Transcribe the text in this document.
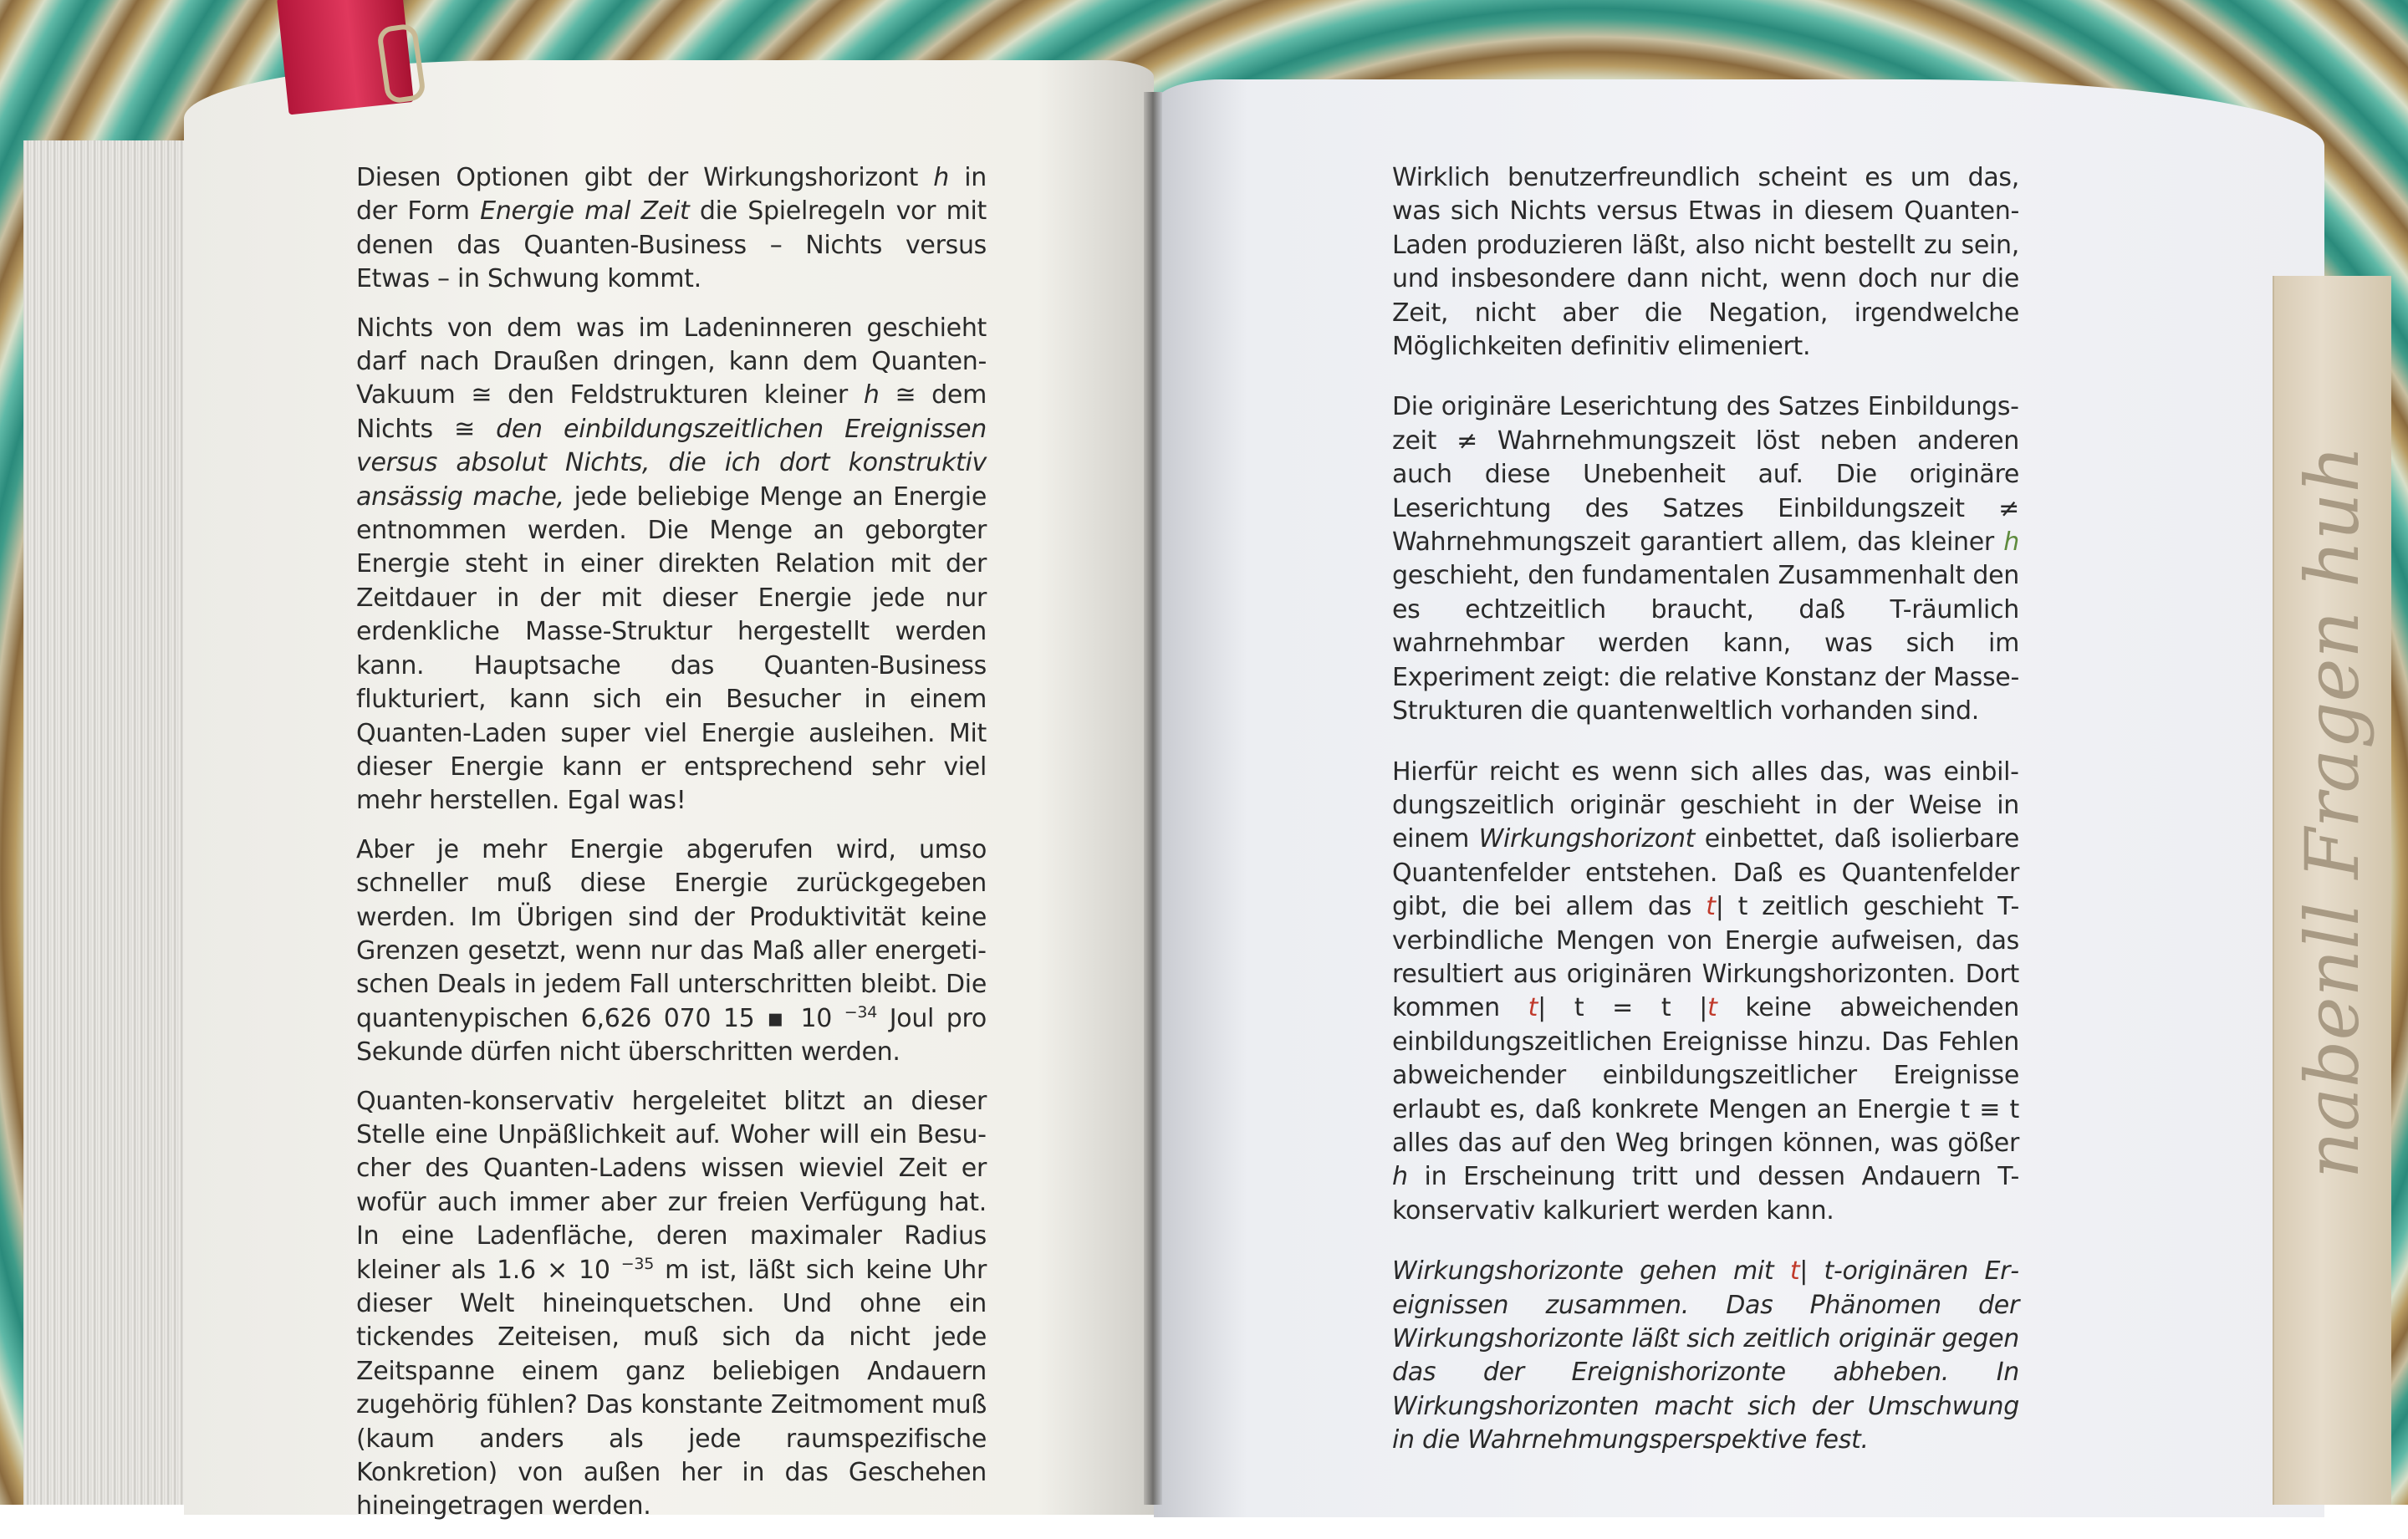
nabenll Fragen huh

Diesen Optionen gibt der Wirkungshorizont h in der Form Energie mal Zeit die Spielregeln vor mit denen das Quanten-Business – Nichts versus Etwas – in Schwung kommt.

Nichts von dem was im Ladeninneren geschieht darf nach Draußen dringen, kann dem Quanten-Vakuum ≅ den Feldstrukturen kleiner h ≅ dem Nichts ≅ den einbildungszeitlichen Ereignissen versus absolut Nichts, die ich dort konstruktiv ansässig mache, jede beliebige Menge an Energie entnommen werden. Die Menge an geborgter Energie steht in einer direkten Relation mit der Zeitdauer in der mit dieser Energie jede nur erdenkliche Masse-Struktur hergestellt werden kann. Hauptsache das Quanten-Business flukturiert, kann sich ein Besucher in einem Quanten-Laden super viel Energie ausleihen. Mit dieser Energie kann er entsprechend sehr viel mehr herstellen. Egal was!

Aber je mehr Energie abgerufen wird, umso schneller muß diese Energie zurückgegeben werden. Im Übrigen sind der Produktivität keine Grenzen gesetzt, wenn nur das Maß aller energetischen Deals in jedem Fall unterschritten bleibt. Die quantenypischen 6,626 070 15 ▪ 10 $^{-34}$ Joul pro Sekunde dürfen nicht überschritten werden.

Quanten-konservativ hergeleitet blitzt an dieser Stelle eine Unpäßlichkeit auf. Woher will ein Besucher des Quanten-Ladens wissen wieviel Zeit er wofür auch immer aber zur freien Verfügung hat. In eine Ladenfläche, deren maximaler Radius kleiner als 1.6 × 10 $^{-35}$ m ist, läßt sich keine Uhr dieser Welt hineinquetschen. Und ohne ein tickendes Zeiteisen, muß sich da nicht jede Zeitspanne einem ganz beliebigen Andauern zugehörig fühlen? Das konstante Zeitmoment muß (kaum anders als jede raumspezifische Konkretion) von außen her in das Geschehen hineingetragen werden.

Wirklich benutzerfreundlich scheint es um das, was sich Nichts versus Etwas in diesem Quanten-Laden produzieren läßt, also nicht bestellt zu sein, und insbesondere dann nicht, wenn doch nur die Zeit, nicht aber die Negation, irgendwelche Möglichkeiten definitiv elimeniert.

Die originäre Leserichtung des Satzes Einbildungszeit ≠ Wahrnehmungszeit löst neben anderen auch diese Unebenheit auf. Die originäre Leserichtung des Satzes Einbildungszeit ≠ Wahrnehmungszeit garantiert allem, das kleiner h geschieht, den fundamentalen Zusammenhalt den es echtzeitlich braucht, daß T-räumlich wahrnehmbar werden kann, was sich im Experiment zeigt: die relative Konstanz der Masse-Strukturen die quantenweltlich vorhanden sind.

Hierfür reicht es wenn sich alles das, was einbildungszeitlich originär geschieht in der Weise in einem Wirkungshorizont einbettet, daß isolierbare Quantenfelder entstehen. Daß es Quantenfelder gibt, die bei allem das t| t zeitlich geschieht T-verbindliche Mengen von Energie aufweisen, das resultiert aus originären Wirkungshorizonten. Dort kommen t| t = t |t keine abweichenden einbildungszeitlichen Ereignisse hinzu. Das Fehlen abweichender einbildungszeitlicher Ereignisse erlaubt es, daß konkrete Mengen an Energie t ≡ t alles das auf den Weg bringen können, was gößer h in Erscheinung tritt und dessen Andauern T-konservativ kalkuriert werden kann.

Wirkungshorizonte gehen mit t| t-originären Ereignissen zusammen. Das Phänomen der Wirkungshorizonte läßt sich zeitlich originär gegen das der Ereignishorizonte abheben. In Wirkungshorizonten macht sich der Umschwung in die Wahrnehmungsperspektive fest.
